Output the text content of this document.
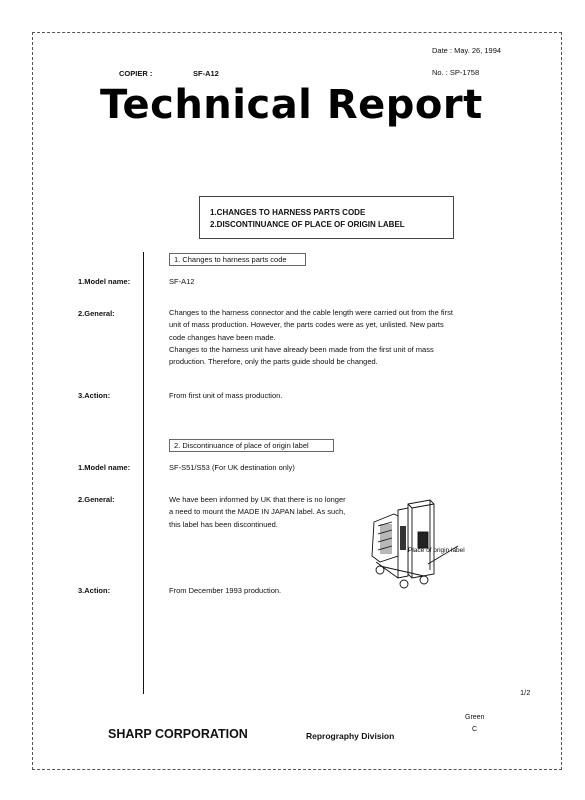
Date : May. 26, 1994
No. : SP-1758
COPIER :	SF-A12
Technical Report
1.CHANGES TO HARNESS PARTS CODE
2.DISCONTINUANCE OF PLACE OF ORIGIN LABEL
1. Changes to harness parts code
1.Model name:	SF-A12
2.General:	Changes to the harness connector and the cable length were carried out from the first
unit of mass production. However, the parts codes were as yet, unlisted. New parts
code changes have been made.
Changes to the harness unit have already been made from the first unit of mass
production. Therefore, only the parts guide should be changed.
3.Action:	From first unit of mass production.
2. Discontinuance of place of origin label
1.Model name:	SF-S51/S53 (For UK destination only)
2.General:	We have been informed by UK that there is no longer
a need to mount the MADE IN JAPAN label. As such,
this label has been discontinued.
Place of origin label
3.Action:	From December 1993 production.
1/2
Green
C
SHARP CORPORATION	Reprography Division
